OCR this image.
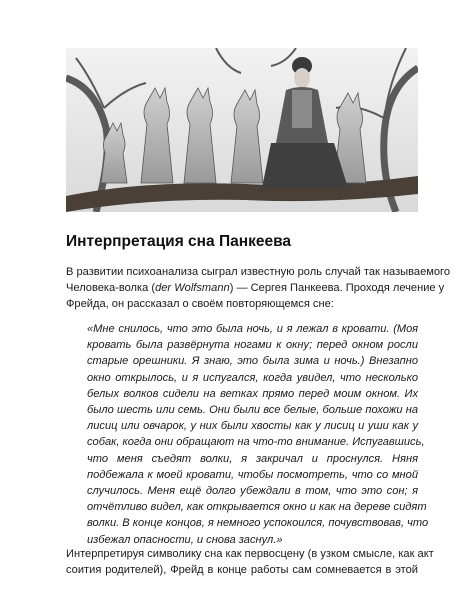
Интерпретация сна Панкеева
В развитии психоанализа сыграл известную роль случай так называемого
Человека-волка (der Wolfsmann) — Сергея Панкеева. Проходя лечение у
Фрейда, он рассказал о своём повторяющемся сне:
«Мне снилось, что это была ночь, и я лежал в кровати. (Моя
кровать была развёрнута ногами к окну; перед окном росли
старые орешники. Я знаю, это была зима и ночь.) Внезапно
окно открылось, и я испугался, когда увидел, что несколько
белых волков сидели на ветках прямо перед моим окном. Их
было шесть или семь. Они были все белые, больше похожи на
лисиц или овчарок, у них были хвосты как у лисиц и уши как у
собак, когда они обращают на что-то внимание. Испугавшись,
что меня съедят волки, я закричал и проснулся. Няня
подбежала к моей кровати, чтобы посмотреть, что со мной
случилось. Меня ещё долго убеждали в том, что это сон; я
отчётливо видел, как открывается окно и как на дереве сидят
волки. В конце концов, я немного успокоился, почувствовав, что
избежал опасности, и снова заснул.»
Интерпретируя символику сна как первосцену (в узком смысле, как акт
соития родителей), Фрейд в конце работы сам сомневается в этой
